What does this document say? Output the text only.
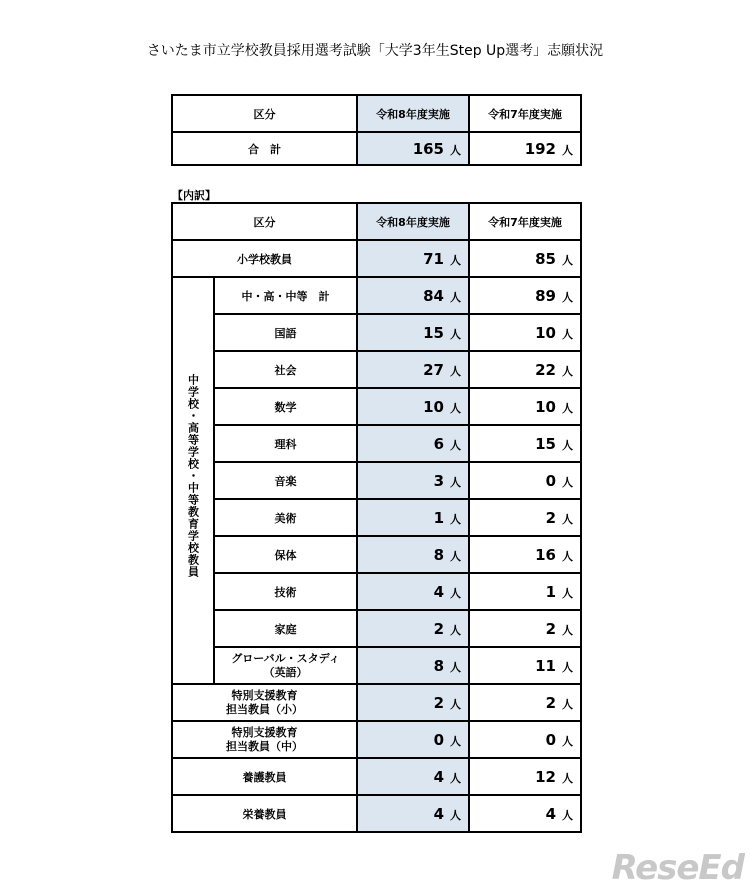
さいたま市立学校教員採用選考試験「大学3年生Step Up選考」志願状況
区分	令和8年度実施	令和7年度実施
合　計	165 人	192 人
【内訳】
区分		令和8年度実施	令和7年度実施
小学校教員		71 人	85 人

中学校・高等学校・中等教育学校教員	中・高・中等　計	84 人	89 人
	国語	15 人	10 人
	社会	27 人	22 人
	数学	10 人	10 人
	理科	6 人	15 人
	音楽	3 人	0 人
	美術	1 人	2 人
	保体	8 人	16 人
	技術	4 人	1 人
	家庭	2 人	2 人

	グローバル・スタディ
（英語）	8 人	11 人

特別支援教育
担当教員（小）		2 人	2 人

特別支援教育
担当教員（中）		0 人	0 人
養護教員		4 人	12 人
栄養教員		4 人	4 人
ReseEd
